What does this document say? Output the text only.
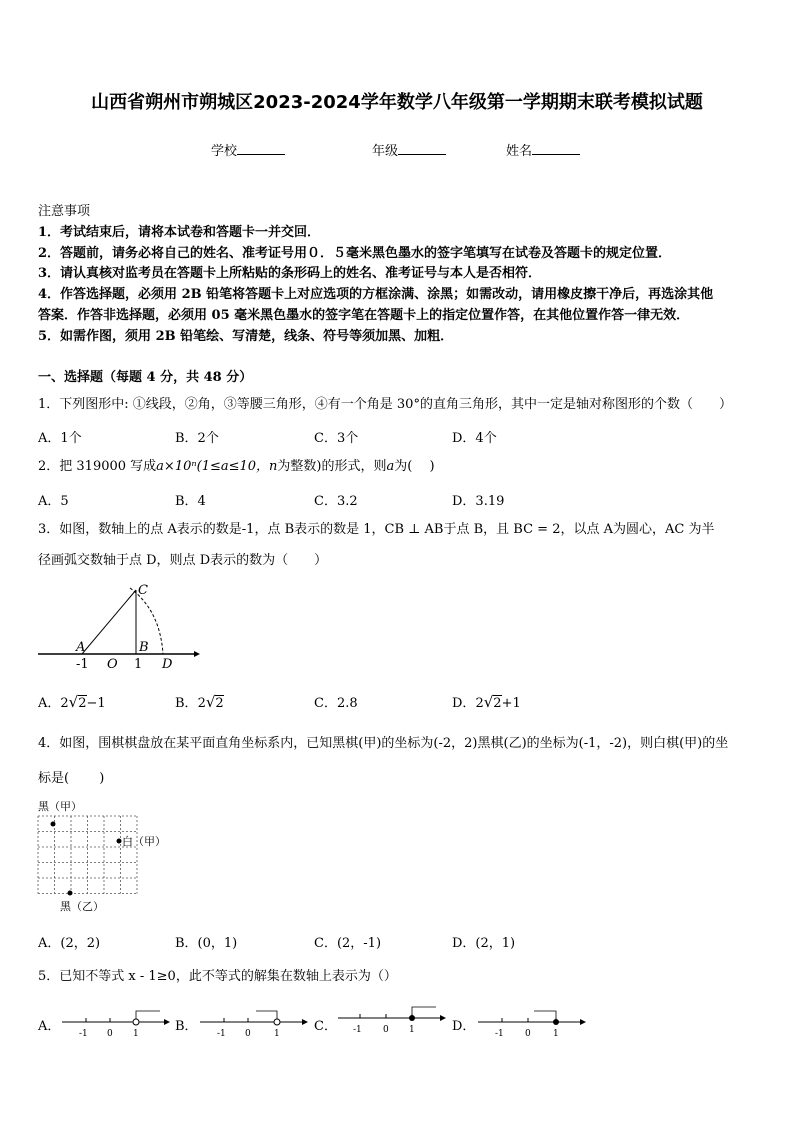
山西省朔州市朔城区2023-2024学年数学八年级第一学期期末联考模拟试题
学校	年级	姓名
注意事项
1．考试结束后，请将本试卷和答题卡一并交回．
2．答题前，请务必将自己的姓名、准考证号用０．５毫米黑色墨水的签字笔填写在试卷及答题卡的规定位置．
3．请认真核对监考员在答题卡上所粘贴的条形码上的姓名、准考证号与本人是否相符．
4．作答选择题，必须用 2B 铅笔将答题卡上对应选项的方框涂满、涂黑；如需改动，请用橡皮擦干净后，再选涂其他
答案．作答非选择题，必须用 05 毫米黑色墨水的签字笔在答题卡上的指定位置作答，在其他位置作答一律无效．
5．如需作图，须用 2B 铅笔绘、写清楚，线条、符号等须加黑、加粗．
一、选择题（每题 4 分，共 48 分）
1．下列图形中: ①线段，②角，③等腰三角形，④有一个角是 30°的直角三角形，其中一定是轴对称图形的个数（　　）
A．1个	B．2个	C．3个	D．4个
2．把 319000 写成a×10ⁿ(1≤a≤10，n为整数)的形式，则a为(　 )
A．5	B．4	C．3.2	D．3.19
3．如图，数轴上的点 A表示的数是-1，点 B表示的数是 1，CB ⊥ AB于点 B，且 BC = 2，以点 A为圆心，AC 为半
径画弧交数轴于点 D，则点 D表示的数为（　　）
C
A	B
D
O
-1	1
A．2√2−1	B．2√2	C．2.8	D．2√2+1
4．如图，围棋棋盘放在某平面直角坐标系内，已知黑棋(甲)的坐标为(-2，2)黑棋(乙)的坐标为(-1，-2)，则白棋(甲)的坐
标是(　　 )
黑（甲）
白（甲）
黑（乙）
A．(2，2)	B．(0，1)	C．(2，-1)	D．(2，1)
5．已知不等式 x - 1≥0，此不等式的解集在数轴上表示为（）
A． -1 0 1	B． -1 0	1	C． -1 0 1	D． -1 0 1
